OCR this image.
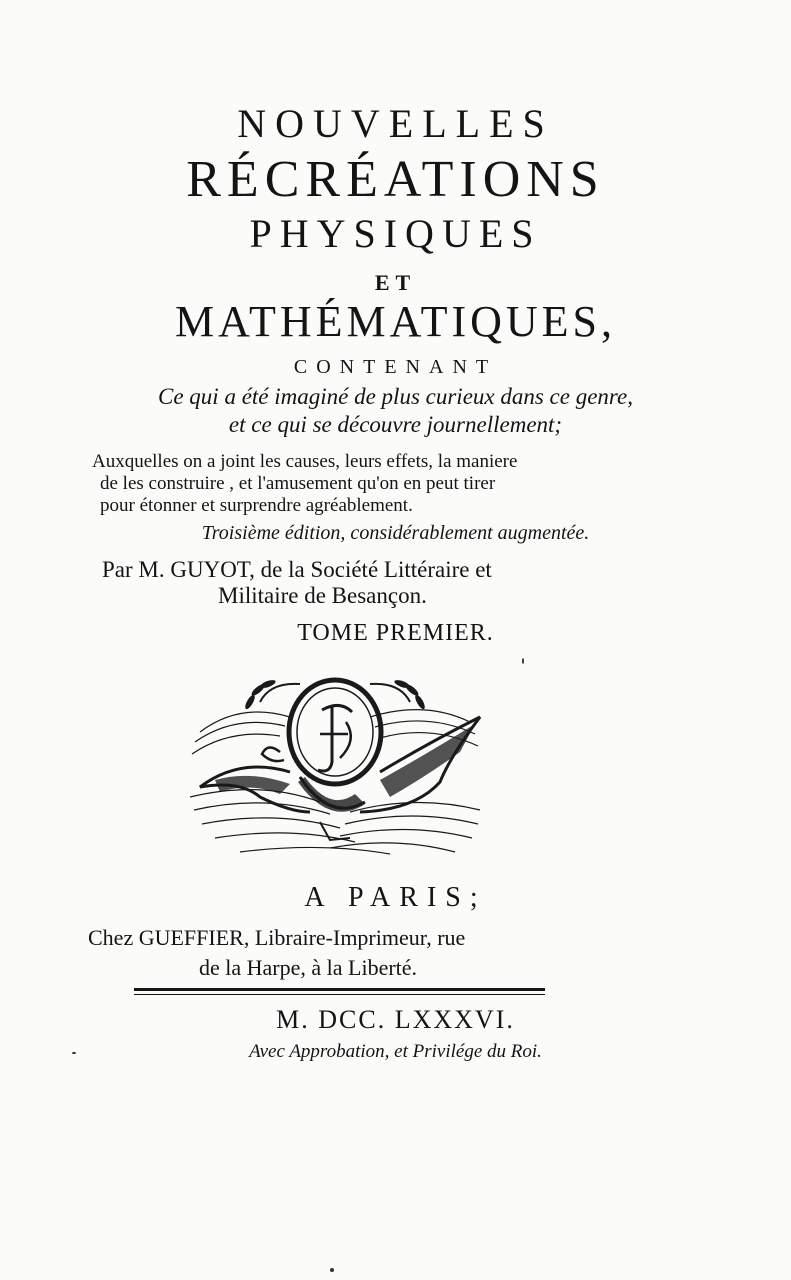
NOUVELLES
RÉCRÉATIONS
PHYSIQUES
ET
MATHÉMATIQUES,
CONTENANT
Ce qui a été imaginé de plus curieux dans ce genre,
et ce qui se découvre journellement;
Auxquelles on a joint les causes, leurs effets, la maniere
de les construire , et l'amusement qu'on en peut tirer
pour étonner et surprendre agréablement.
Troisième édition, considérablement augmentée.
Par M. GUYOT, de la Société Littéraire et
Militaire de Besançon.
TOME PREMIER.
A PARIS;
Chez GUEFFIER, Libraire-Imprimeur, rue
de la Harpe, à la Liberté.
M. DCC. LXXXVI.
Avec Approbation, et Privilége du Roi.
